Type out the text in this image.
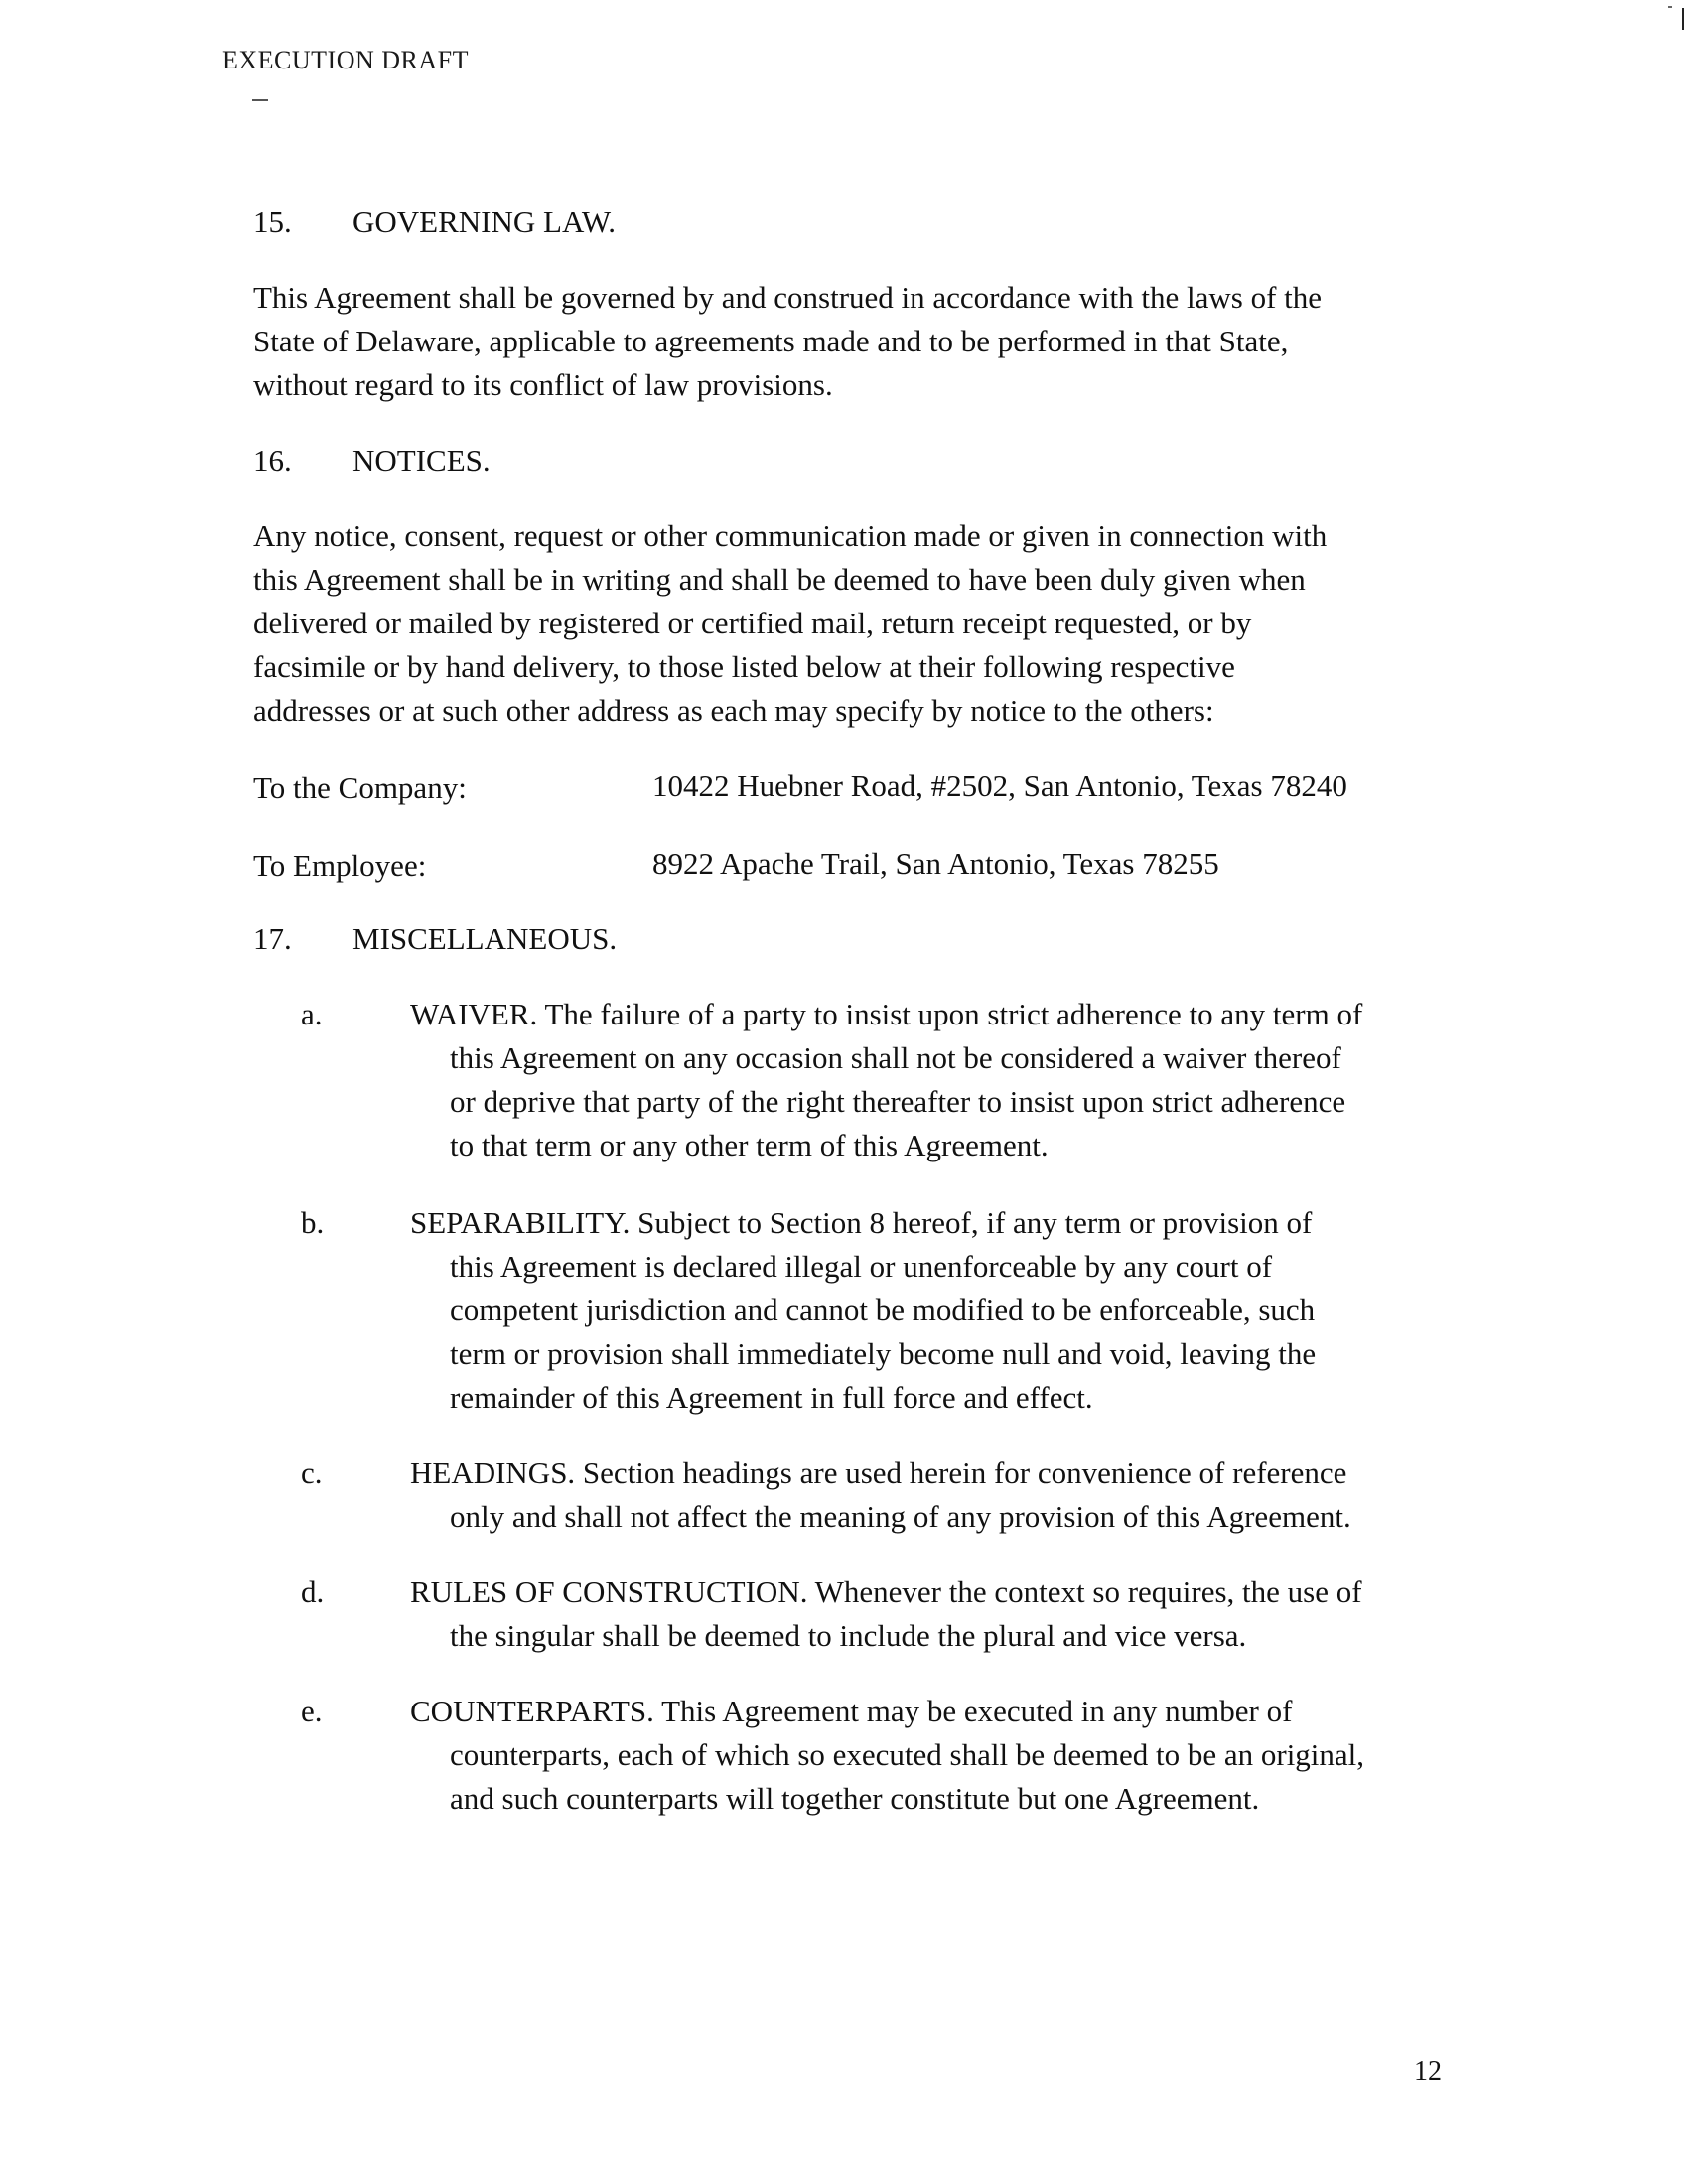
EXECUTION DRAFT
15. GOVERNING LAW.
This Agreement shall be governed by and construed in accordance with the laws of the
State of Delaware, applicable to agreements made and to be performed in that State,
without regard to its conflict of law provisions.
16. NOTICES.
Any notice, consent, request or other communication made or given in connection with
this Agreement shall be in writing and shall be deemed to have been duly given when
delivered or mailed by registered or certified mail, return receipt requested, or by
facsimile or by hand delivery, to those listed below at their following respective
addresses or at such other address as each may specify by notice to the others:
To the Company:	10422 Huebner Road, #2502, San Antonio, Texas 78240
To Employee:	8922 Apache Trail, San Antonio, Texas 78255
17. MISCELLANEOUS.
a.	WAIVER. The failure of a party to insist upon strict adherence to any term of
this Agreement on any occasion shall not be considered a waiver thereof
or deprive that party of the right thereafter to insist upon strict adherence
to that term or any other term of this Agreement.
b.	SEPARABILITY. Subject to Section 8 hereof, if any term or provision of
this Agreement is declared illegal or unenforceable by any court of
competent jurisdiction and cannot be modified to be enforceable, such
term or provision shall immediately become null and void, leaving the
remainder of this Agreement in full force and effect.
c.	HEADINGS. Section headings are used herein for convenience of reference
only and shall not affect the meaning of any provision of this Agreement.
d.	RULES OF CONSTRUCTION. Whenever the context so requires, the use of
the singular shall be deemed to include the plural and vice versa.
e.	COUNTERPARTS. This Agreement may be executed in any number of
counterparts, each of which so executed shall be deemed to be an original,
and such counterparts will together constitute but one Agreement.
12
